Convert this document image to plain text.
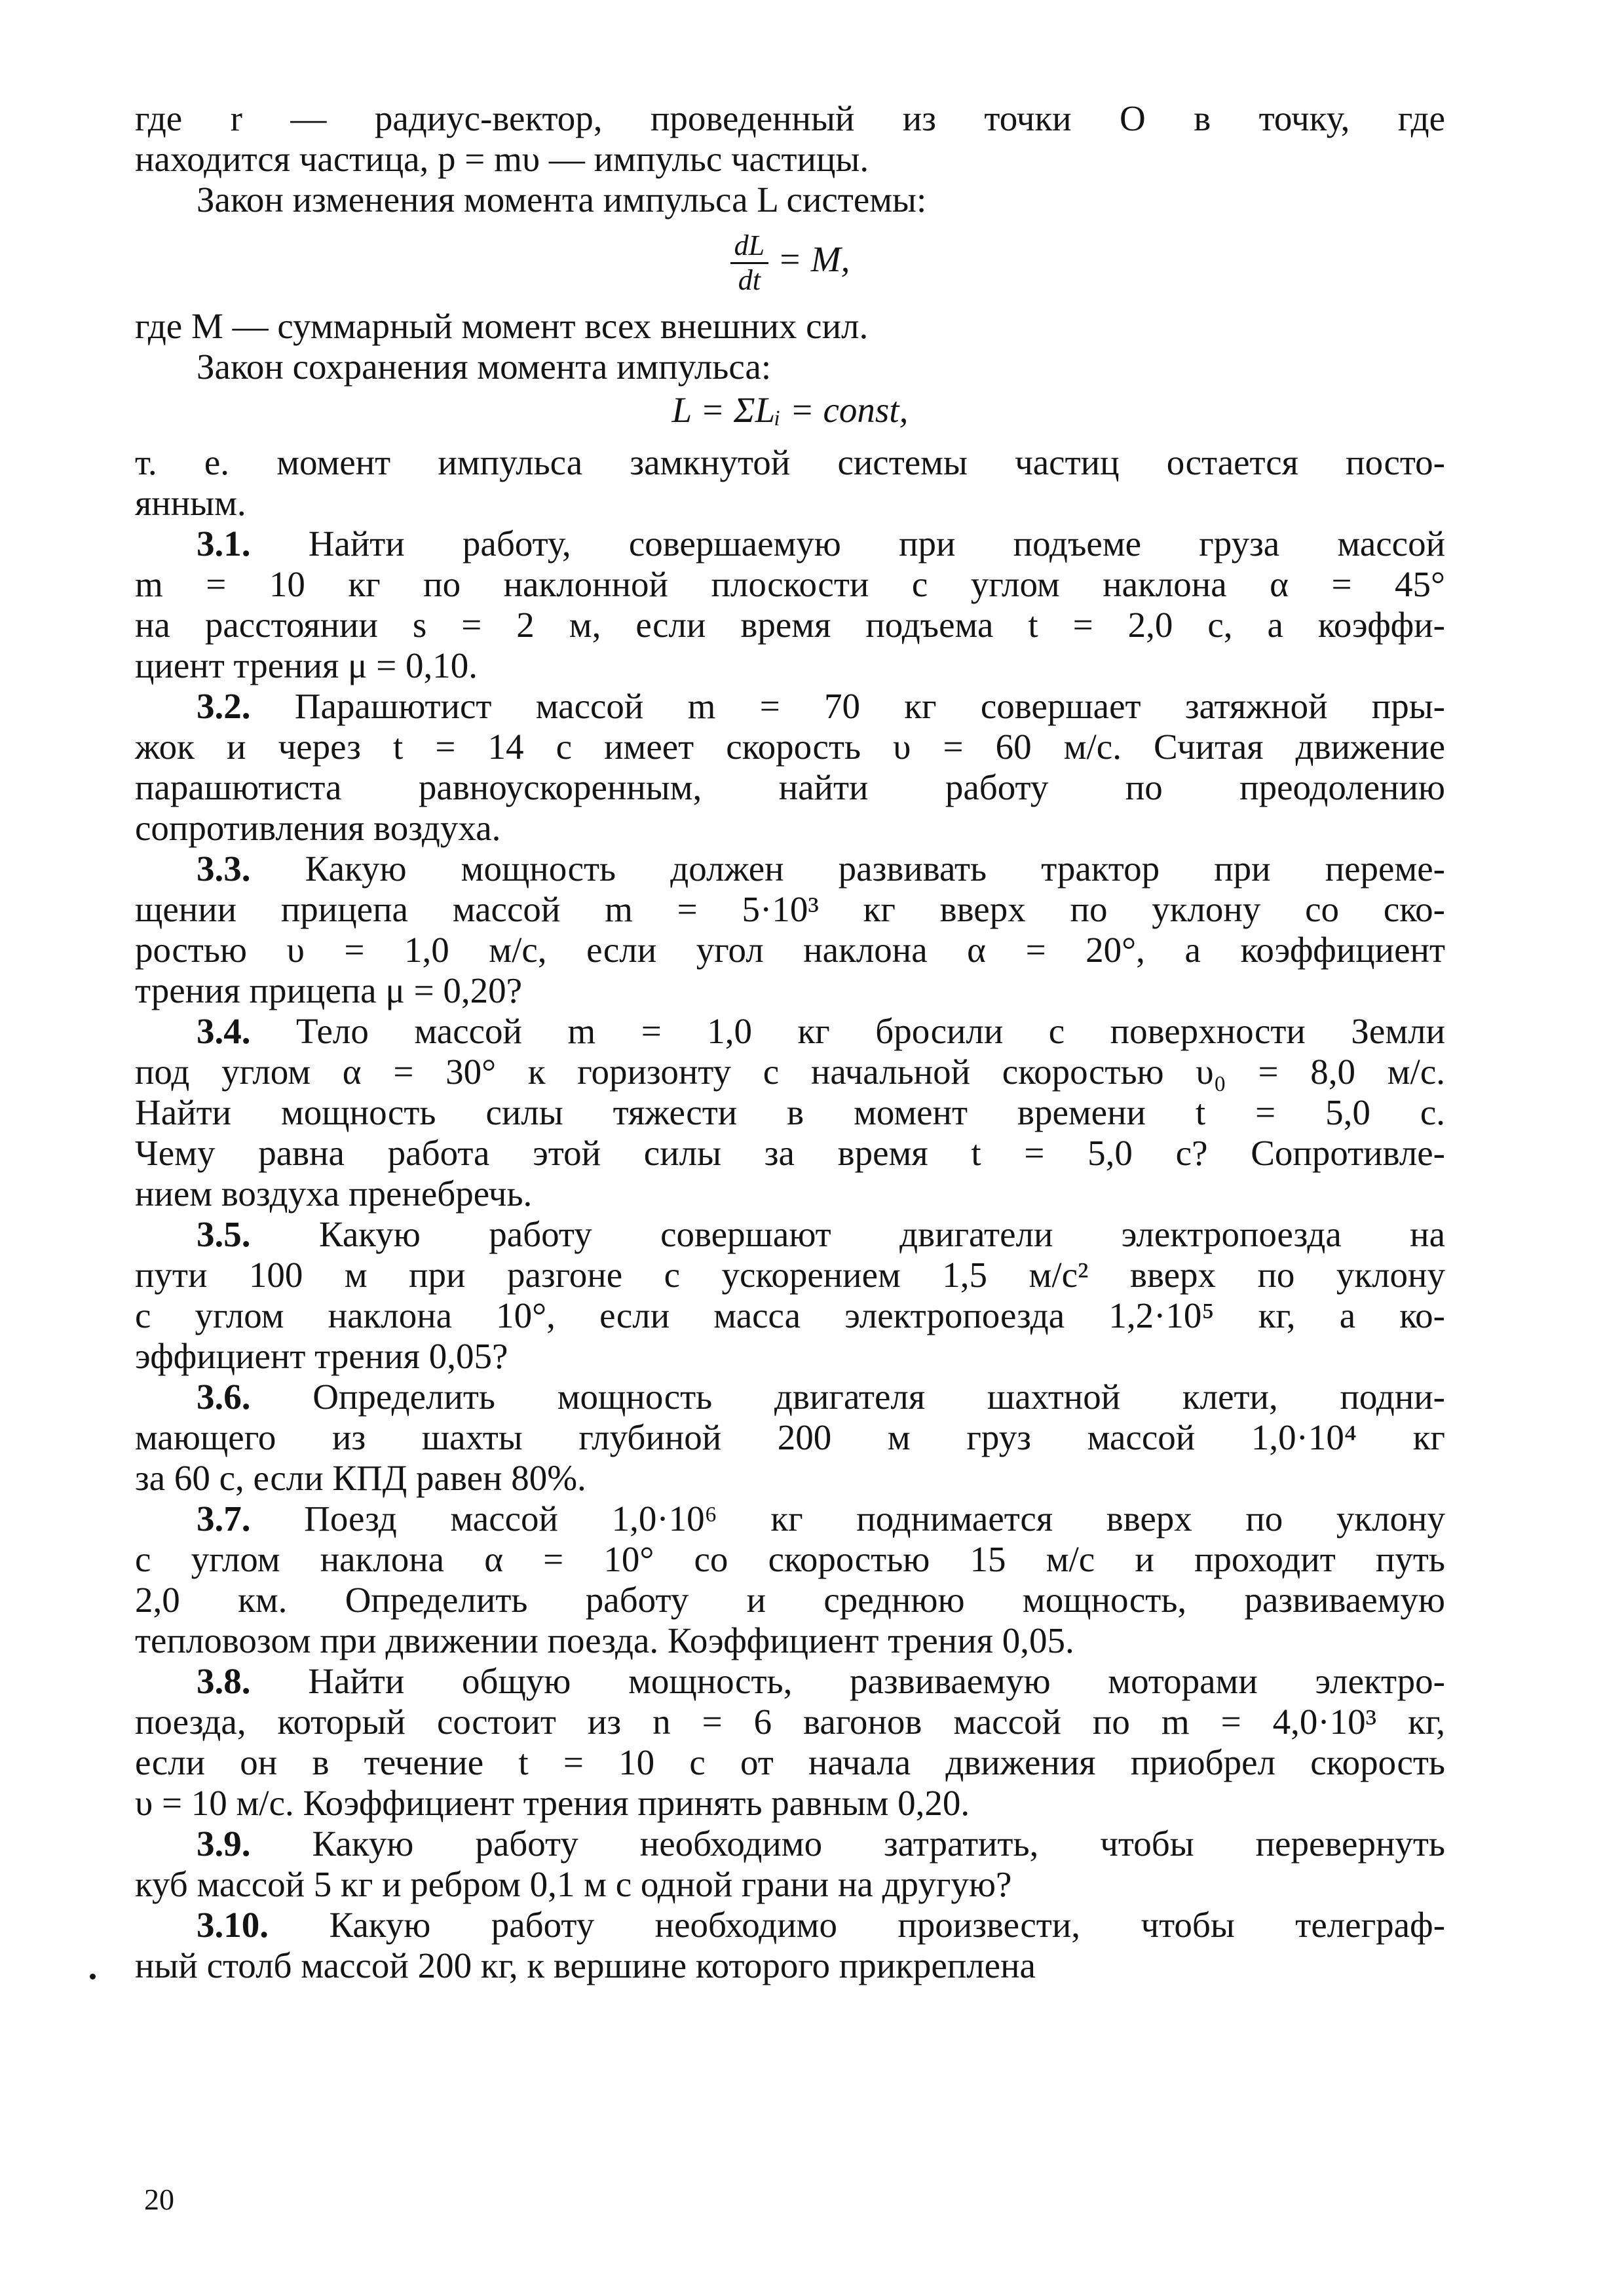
где r — радиус-вектор, проведенный из точки О в точку, где
находится частица, p = mυ — импульс частицы.
Закон изменения момента импульса L системы:
$\frac{dL}{dt} = M$,
где M — суммарный момент всех внешних сил.
Закон сохранения момента импульса:
L = ΣLᵢ = const,
т. е. момент импульса замкнутой системы частиц остается посто-
янным.
3.1. Найти работу, совершаемую при подъеме груза массой
m = 10 кг по наклонной плоскости с углом наклона α = 45°
на расстоянии s = 2 м, если время подъема t = 2,0 с, а коэффи-
циент трения μ = 0,10.
3.2. Парашютист массой m = 70 кг совершает затяжной пры-
жок и через t = 14 с имеет скорость υ = 60 м/с. Считая движение
парашютиста равноускоренным, найти работу по преодолению
сопротивления воздуха.
3.3. Какую мощность должен развивать трактор при переме-
щении прицепа массой m = 5·10³ кг вверх по уклону со ско-
ростью υ = 1,0 м/с, если угол наклона α = 20°, а коэффициент
трения прицепа μ = 0,20?
3.4. Тело массой m = 1,0 кг бросили с поверхности Земли
под углом α = 30° к горизонту с начальной скоростью υ₀ = 8,0 м/с.
Найти мощность силы тяжести в момент времени t = 5,0 с.
Чему равна работа этой силы за время t = 5,0 с? Сопротивле-
нием воздуха пренебречь.
3.5. Какую работу совершают двигатели электропоезда на
пути 100 м при разгоне с ускорением 1,5 м/с² вверх по уклону
с углом наклона 10°, если масса электропоезда 1,2·10⁵ кг, а ко-
эффициент трения 0,05?
3.6. Определить мощность двигателя шахтной клети, подни-
мающего из шахты глубиной 200 м груз массой 1,0·10⁴ кг
за 60 с, если КПД равен 80%.
3.7. Поезд массой 1,0·10⁶ кг поднимается вверх по уклону
с углом наклона α = 10° со скоростью 15 м/с и проходит путь
2,0 км. Определить работу и среднюю мощность, развиваемую
тепловозом при движении поезда. Коэффициент трения 0,05.
3.8. Найти общую мощность, развиваемую моторами электро-
поезда, который состоит из n = 6 вагонов массой по m = 4,0·10³ кг,
если он в течение t = 10 с от начала движения приобрел скорость
υ = 10 м/с. Коэффициент трения принять равным 0,20.
3.9. Какую работу необходимо затратить, чтобы перевернуть
куб массой 5 кг и ребром 0,1 м с одной грани на другую?
3.10. Какую работу необходимо произвести, чтобы телеграф-
ный столб массой 200 кг, к вершине которого прикреплена
20
